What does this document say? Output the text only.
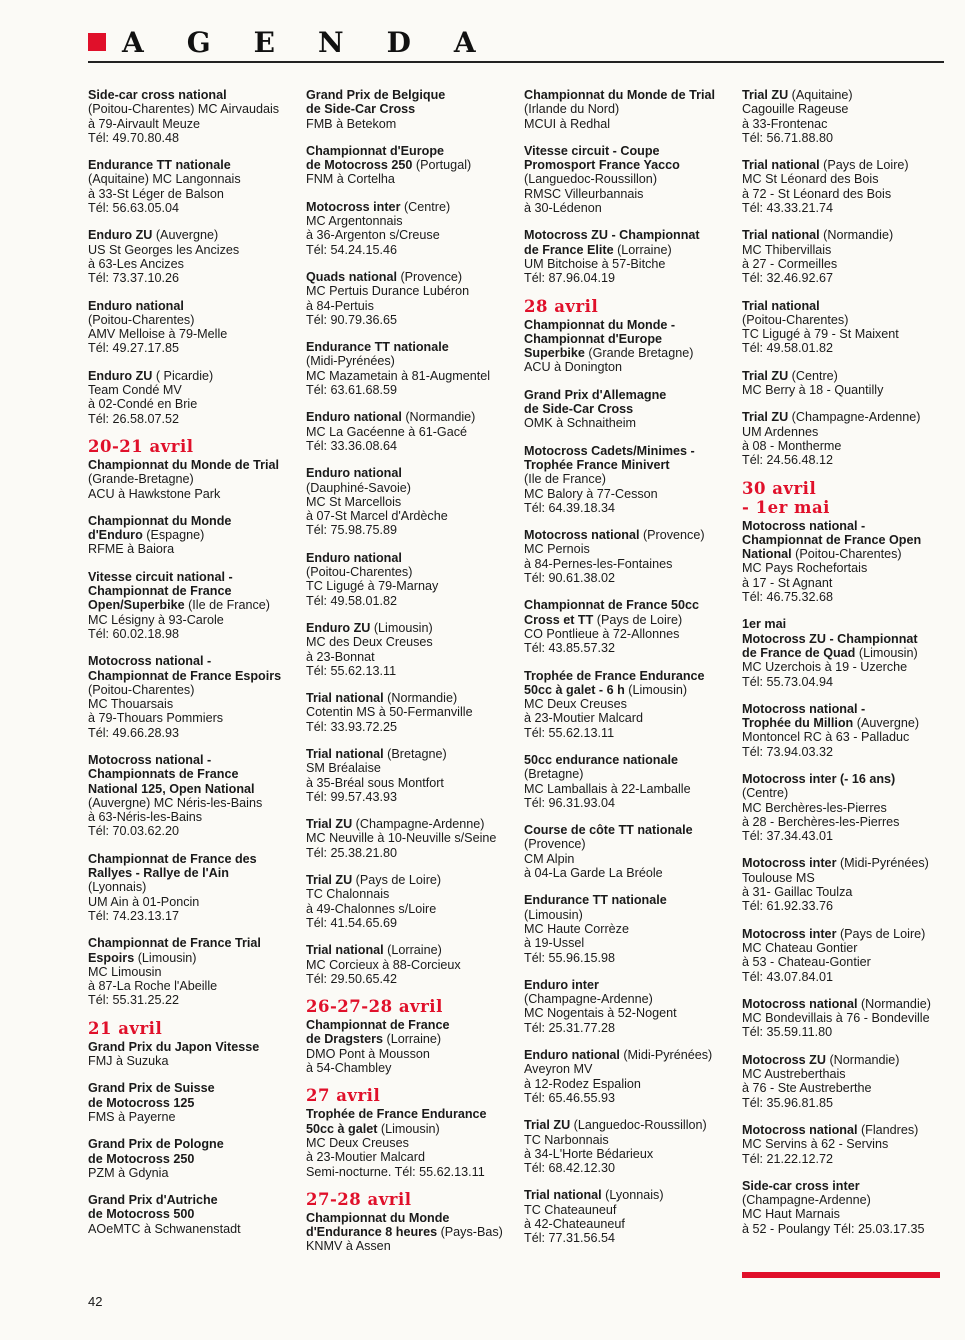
AGENDA
Side-car cross national
(Poitou-Charentes) MC Airvaudais
à 79-Airvault Meuze
Tél: 49.70.80.48
Endurance TT nationale
(Aquitaine) MC Langonnais
à 33-St Léger de Balson
Tél: 56.63.05.04
Enduro ZU (Auvergne)
US St Georges les Ancizes
à 63-Les Ancizes
Tél: 73.37.10.26
Enduro national
(Poitou-Charentes)
AMV Melloise à 79-Melle
Tél: 49.27.17.85
Enduro ZU ( Picardie)
Team Condé MV
à 02-Condé en Brie
Tél: 26.58.07.52
20-21 avril
Championnat du Monde de Trial
(Grande-Bretagne)
ACU à Hawkstone Park
Championnat du Monde
d'Enduro (Espagne)
RFME à Baiora
Vitesse circuit national -
Championnat de France
Open/Superbike (Ile de France)
MC Lésigny à 93-Carole
Tél: 60.02.18.98
Motocross national -
Championnat de France Espoirs
(Poitou-Charentes)
MC Thouarsais
à 79-Thouars Pommiers
Tél: 49.66.28.93
Motocross national -
Championnats de France
National 125, Open National
(Auvergne) MC Néris-les-Bains
à 63-Néris-les-Bains
Tél: 70.03.62.20
Championnat de France des
Rallyes - Rallye de l'Ain
(Lyonnais)
UM Ain à 01-Poncin
Tél: 74.23.13.17
Championnat de France Trial
Espoirs (Limousin)
MC Limousin
à 87-La Roche l'Abeille
Tél: 55.31.25.22
21 avril
Grand Prix du Japon Vitesse
FMJ à Suzuka
Grand Prix de Suisse
de Motocross 125
FMS à Payerne
Grand Prix de Pologne
de Motocross 250
PZM à Gdynia
Grand Prix d'Autriche
de Motocross 500
AOeMTC à Schwanenstadt
Grand Prix de Belgique
de Side-Car Cross
FMB à Betekom
Championnat d'Europe
de Motocross 250 (Portugal)
FNM à Cortelha
Motocross inter (Centre)
MC Argentonnais
à 36-Argenton s/Creuse
Tél: 54.24.15.46
Quads national (Provence)
MC Pertuis Durance Lubéron
à 84-Pertuis
Tél: 90.79.36.65
Endurance TT nationale
(Midi-Pyrénées)
MC Mazametain à 81-Augmentel
Tél: 63.61.68.59
Enduro national (Normandie)
MC La Gacéenne à 61-Gacé
Tél: 33.36.08.64
Enduro national
(Dauphiné-Savoie)
MC St Marcellois
à 07-St Marcel d'Ardèche
Tél: 75.98.75.89
Enduro national
(Poitou-Charentes)
TC Ligugé à 79-Marnay
Tél: 49.58.01.82
Enduro ZU (Limousin)
MC des Deux Creuses
à 23-Bonnat
Tél: 55.62.13.11
Trial national (Normandie)
Cotentin MS à 50-Fermanville
Tél: 33.93.72.25
Trial national (Bretagne)
SM Bréalaise
à 35-Bréal sous Montfort
Tél: 99.57.43.93
Trial ZU (Champagne-Ardenne)
MC Neuville à 10-Neuville s/Seine
Tél: 25.38.21.80
Trial ZU (Pays de Loire)
TC Chalonnais
à 49-Chalonnes s/Loire
Tél: 41.54.65.69
Trial national (Lorraine)
MC Corcieux à 88-Corcieux
Tél: 29.50.65.42
26-27-28 avril
Championnat de France
de Dragsters (Lorraine)
DMO Pont à Mousson
à 54-Chambley
27 avril
Trophée de France Endurance
50cc à galet (Limousin)
MC Deux Creuses
à 23-Moutier Malcard
Semi-nocturne. Tél: 55.62.13.11
27-28 avril
Championnat du Monde
d'Endurance 8 heures (Pays-Bas)
KNMV à Assen
Championnat du Monde de Trial
(Irlande du Nord)
MCUI à Redhal
Vitesse circuit - Coupe
Promosport France Yacco
(Languedoc-Roussillon)
RMSC Villeurbannais
à 30-Lédenon
Motocross ZU - Championnat
de France Elite (Lorraine)
UM Bitchoise à 57-Bitche
Tél: 87.96.04.19
28 avril
Championnat du Monde -
Championnat d'Europe
Superbike (Grande Bretagne)
ACU à Donington
Grand Prix d'Allemagne
de Side-Car Cross
OMK à Schnaitheim
Motocross Cadets/Minimes -
Trophée France Minivert
(Ile de France)
MC Balory à 77-Cesson
Tél: 64.39.18.34
Motocross national (Provence)
MC Pernois
à 84-Pernes-les-Fontaines
Tél: 90.61.38.02
Championnat de France 50cc
Cross et TT (Pays de Loire)
CO Pontlieue à 72-Allonnes
Tél: 43.85.57.32
Trophée de France Endurance
50cc à galet - 6 h (Limousin)
MC Deux Creuses
à 23-Moutier Malcard
Tél: 55.62.13.11
50cc endurance nationale
(Bretagne)
MC Lamballais à 22-Lamballe
Tél: 96.31.93.04
Course de côte TT nationale
(Provence)
CM Alpin
à 04-La Garde La Bréole
Endurance TT nationale
(Limousin)
MC Haute Corrèze
à 19-Ussel
Tél: 55.96.15.98
Enduro inter
(Champagne-Ardenne)
MC Nogentais à 52-Nogent
Tél: 25.31.77.28
Enduro national (Midi-Pyrénées)
Aveyron MV
à 12-Rodez Espalion
Tél: 65.46.55.93
Trial ZU (Languedoc-Roussillon)
TC Narbonnais
à 34-L'Horte Bédarieux
Tél: 68.42.12.30
Trial national (Lyonnais)
TC Chateauneuf
à 42-Chateauneuf
Tél: 77.31.56.54
Trial ZU (Aquitaine)
Cagouille Rageuse
à 33-Frontenac
Tél: 56.71.88.80
Trial national (Pays de Loire)
MC St Léonard des Bois
à 72 - St Léonard des Bois
Tél: 43.33.21.74
Trial national (Normandie)
MC Thibervillais
à 27 - Cormeilles
Tél: 32.46.92.67
Trial national
(Poitou-Charentes)
TC Ligugé à 79 - St Maixent
Tél: 49.58.01.82
Trial ZU (Centre)
MC Berry à 18 - Quantilly
Trial ZU (Champagne-Ardenne)
UM Ardennes
à 08 - Montherme
Tél: 24.56.48.12
30 avril
- 1er mai
Motocross national -
Championnat de France Open
National (Poitou-Charentes)
MC Pays Rochefortais
à 17 - St Agnant
Tél: 46.75.32.68
1er mai
Motocross ZU - Championnat
de France de Quad (Limousin)
MC Uzerchois à 19 - Uzerche
Tél: 55.73.04.94
Motocross national -
Trophée du Million (Auvergne)
Montoncel RC à 63 - Palladuc
Tél: 73.94.03.32
Motocross inter (- 16 ans)
(Centre)
MC Berchères-les-Pierres
à 28 - Berchères-les-Pierres
Tél: 37.34.43.01
Motocross inter (Midi-Pyrénées)
Toulouse MS
à 31- Gaillac Toulza
Tél: 61.92.33.76
Motocross inter (Pays de Loire)
MC Chateau Gontier
à 53 - Chateau-Gontier
Tél: 43.07.84.01
Motocross national (Normandie)
MC Bondevillais à 76 - Bondeville
Tél: 35.59.11.80
Motocross ZU (Normandie)
MC Austreberthais
à 76 - Ste Austreberthe
Tél: 35.96.81.85
Motocross national (Flandres)
MC Servins à 62 - Servins
Tél: 21.22.12.72
Side-car cross inter
(Champagne-Ardenne)
MC Haut Marnais
à 52 - Poulangy Tél: 25.03.17.35
42
